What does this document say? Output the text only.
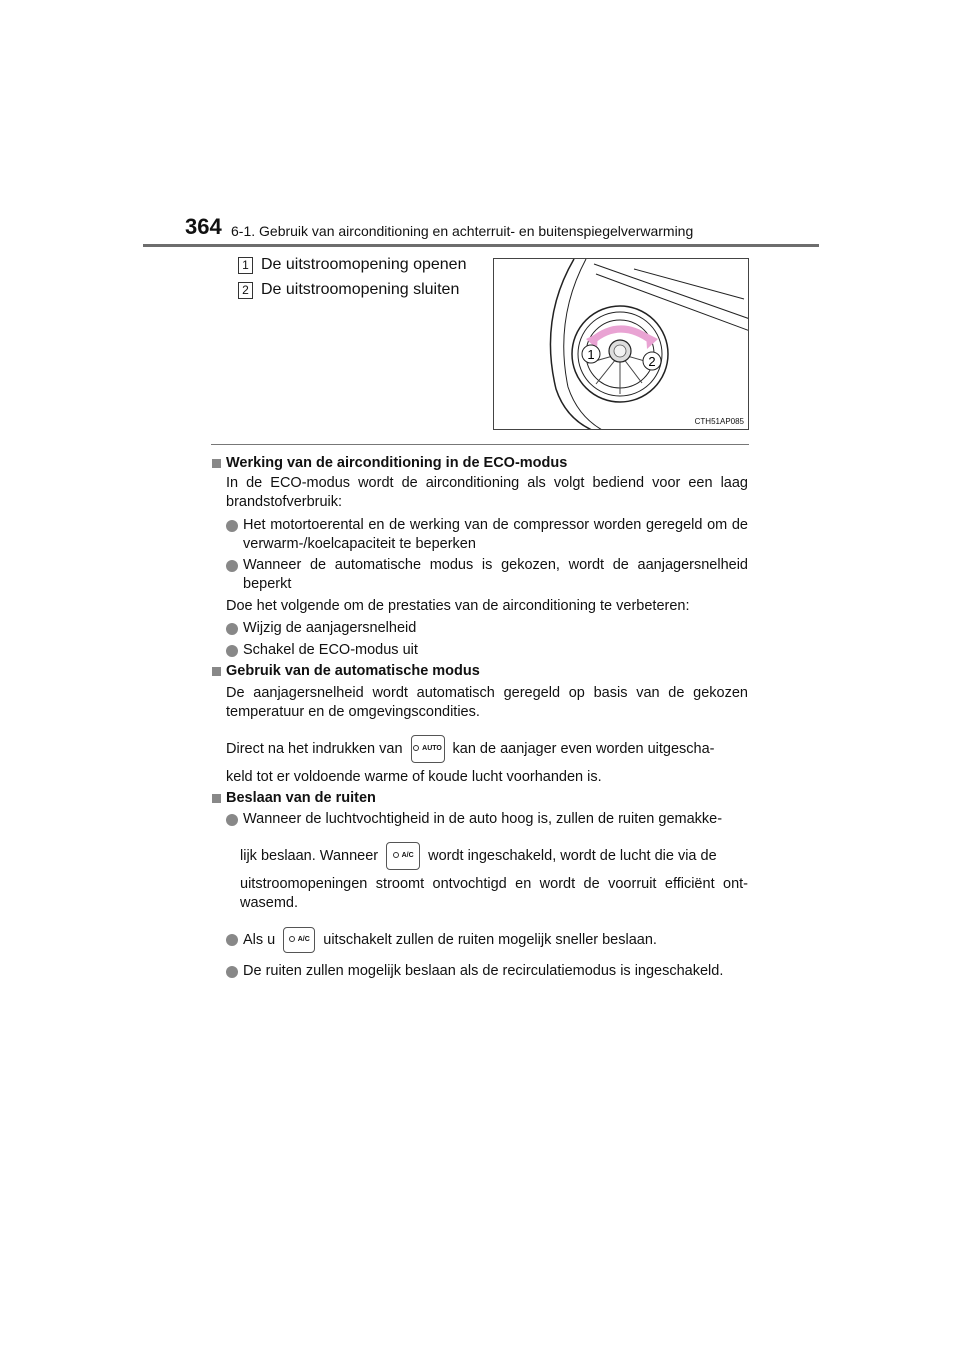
364 6-1. Gebruik van airconditioning en achterruit- en buitenspiegelverwarming
1 De uitstroomopening openen
2 De uitstroomopening sluiten
1	2
CTH51AP085
Werking van de airconditioning in de ECO-modus
In de ECO-modus wordt de airconditioning als volgt bediend voor een laag brandstofverbruik:
Het motortoerental en de werking van de compressor worden geregeld om de verwarm-/koelcapaciteit te beperken
Wanneer de automatische modus is gekozen, wordt de aanjagersnelheid beperkt
Doe het volgende om de prestaties van de airconditioning te verbeteren:
Wijzig de aanjagersnelheid
Schakel de ECO-modus uit
Gebruik van de automatische modus
De aanjagersnelheid wordt automatisch geregeld op basis van de gekozen temperatuur en de omgevingscondities.
Direct na het indrukken van	AUTO kan de aanjager even worden uitgescha-
keld tot er voldoende warme of koude lucht voorhanden is.
Beslaan van de ruiten
Wanneer de luchtvochtigheid in de auto hoog is, zullen de ruiten gemakke-
lijk beslaan. Wanneer	A/C wordt ingeschakeld, wordt de lucht die via de
uitstroomopeningen stroomt ontvochtigd en wordt de voorruit efficiënt ont-wasemd.
Als u	A/C uitschakelt zullen de ruiten mogelijk sneller beslaan.
De ruiten zullen mogelijk beslaan als de recirculatiemodus is ingeschakeld.
